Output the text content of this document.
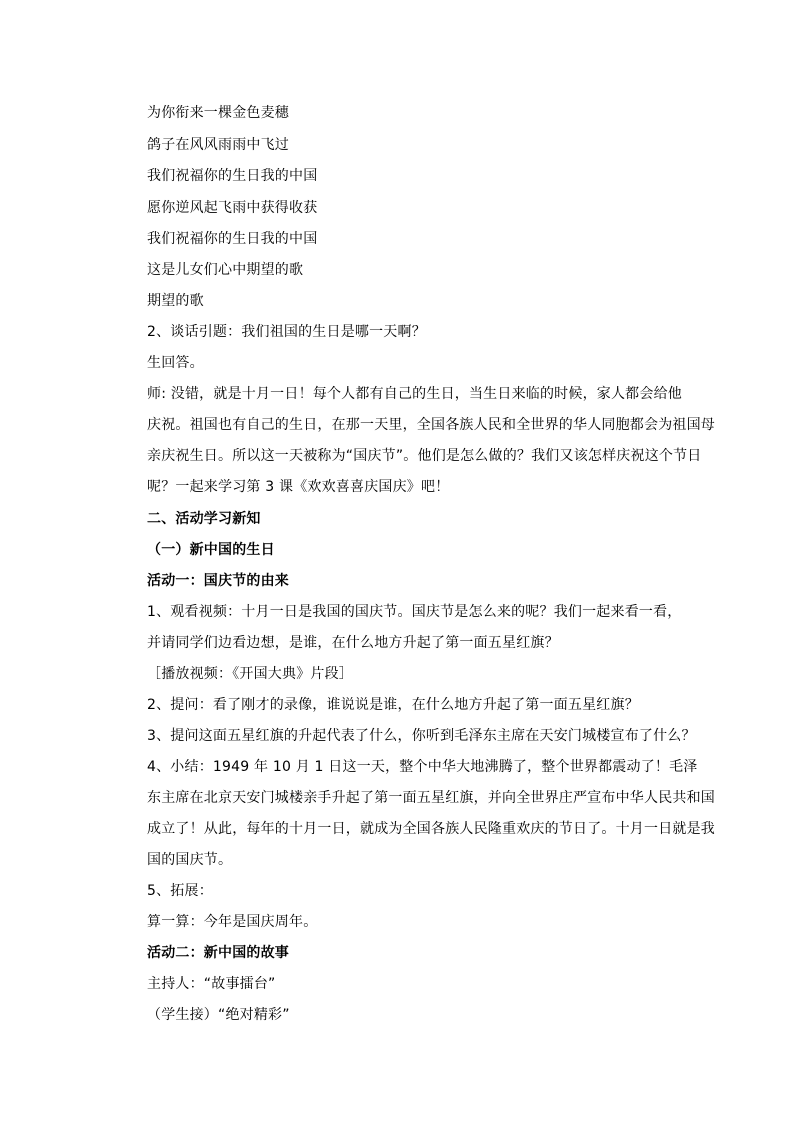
为你衔来一棵金色麦穗
鸽子在风风雨雨中飞过
我们祝福你的生日我的中国
愿你逆风起飞雨中获得收获
我们祝福你的生日我的中国
这是儿女们心中期望的歌
期望的歌
2、谈话引题：我们祖国的生日是哪一天啊？
生回答。
师: 没错，就是十月一日！每个人都有自己的生日，当生日来临的时候，家人都会给他
庆祝。祖国也有自己的生日，在那一天里，全国各族人民和全世界的华人同胞都会为祖国母
亲庆祝生日。所以这一天被称为“国庆节”。他们是怎么做的？我们又该怎样庆祝这个节日
呢？一起来学习第 3 课《欢欢喜喜庆国庆》吧！
二、活动学习新知
（一）新中国的生日
活动一：国庆节的由来
1、观看视频：十月一日是我国的国庆节。国庆节是怎么来的呢？我们一起来看一看，
并请同学们边看边想，是谁，在什么地方升起了第一面五星红旗？
［播放视频：《开国大典》片段］
2、提问：看了刚才的录像，谁说说是谁，在什么地方升起了第一面五星红旗？
3、提问这面五星红旗的升起代表了什么，你听到毛泽东主席在天安门城楼宣布了什么？
4、小结：1949 年 10 月 1 日这一天，整个中华大地沸腾了，整个世界都震动了！毛泽
东主席在北京天安门城楼亲手升起了第一面五星红旗，并向全世界庄严宣布中华人民共和国
成立了！从此，每年的十月一日，就成为全国各族人民隆重欢庆的节日了。十月一日就是我
国的国庆节。
5、拓展：
算一算：今年是国庆周年。
活动二：新中国的故事
主持人：“故事擂台”
（学生接）“绝对精彩”
